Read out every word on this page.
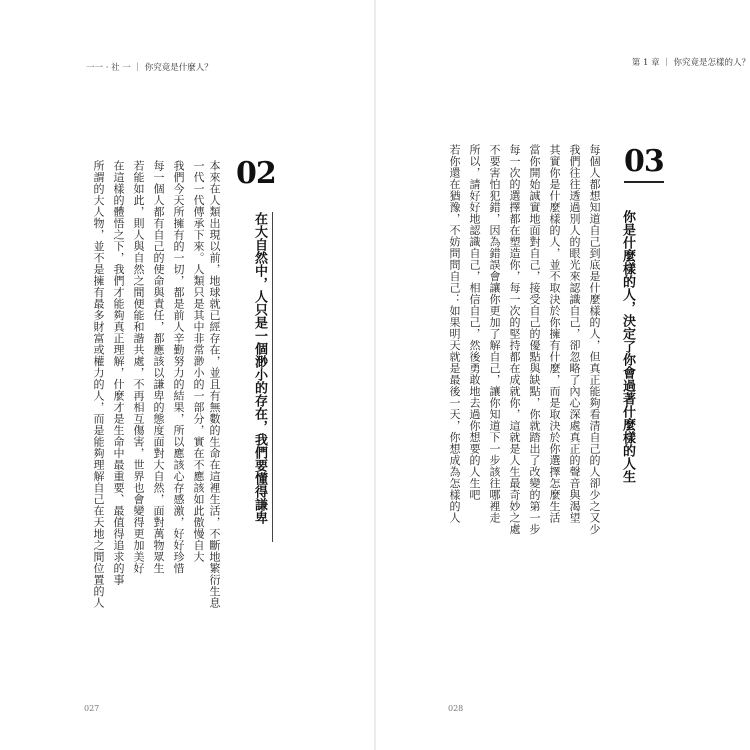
一一 · 社 一 ｜ 你究竟是什麼人？
本來在人類出現以前，地球就已經存在，並且有無數的生命在這裡生活，不斷地繁衍生息
一代一代傳承下來。人類只是其中非常渺小的一部分，實在不應該如此傲慢自大
我們今天所擁有的一切，都是前人辛勤努力的結果，所以應該心存感激，好好珍惜
每一個人都有自己的使命與責任，都應該以謙卑的態度面對大自然，面對萬物眾生
若能如此，則人與自然之間便能和諧共處，不再相互傷害，世界也會變得更加美好
在這樣的體悟之下，我們才能夠真正理解，什麼才是生命中最重要、最值得追求的事
所謂的大人物，並不是擁有最多財富或權力的人，而是能夠理解自己在天地之間位置的人	02
在大自然中，人只是一個渺小的存在，我們要懂得謙卑
027
第 1 章 ｜ 你究竟是怎樣的人？
03
你是什麼樣的人，決定了你會過著什麼樣的人生
每個人都想知道自己到底是什麼樣的人，但真正能夠看清自己的人卻少之又少
我們往往透過別人的眼光來認識自己，卻忽略了內心深處真正的聲音與渴望
其實你是什麼樣的人，並不取決於你擁有什麼，而是取決於你選擇怎麼生活
當你開始誠實地面對自己，接受自己的優點與缺點，你就踏出了改變的第一步
每一次的選擇都在塑造你，每一次的堅持都在成就你，這就是人生最奇妙之處
不要害怕犯錯，因為錯誤會讓你更加了解自己，讓你知道下一步該往哪裡走
所以，請好好地認識自己，相信自己，然後勇敢地去過你想要的人生吧
若你還在猶豫，不妨問問自己：如果明天就是最後一天，你想成為怎樣的人
028
